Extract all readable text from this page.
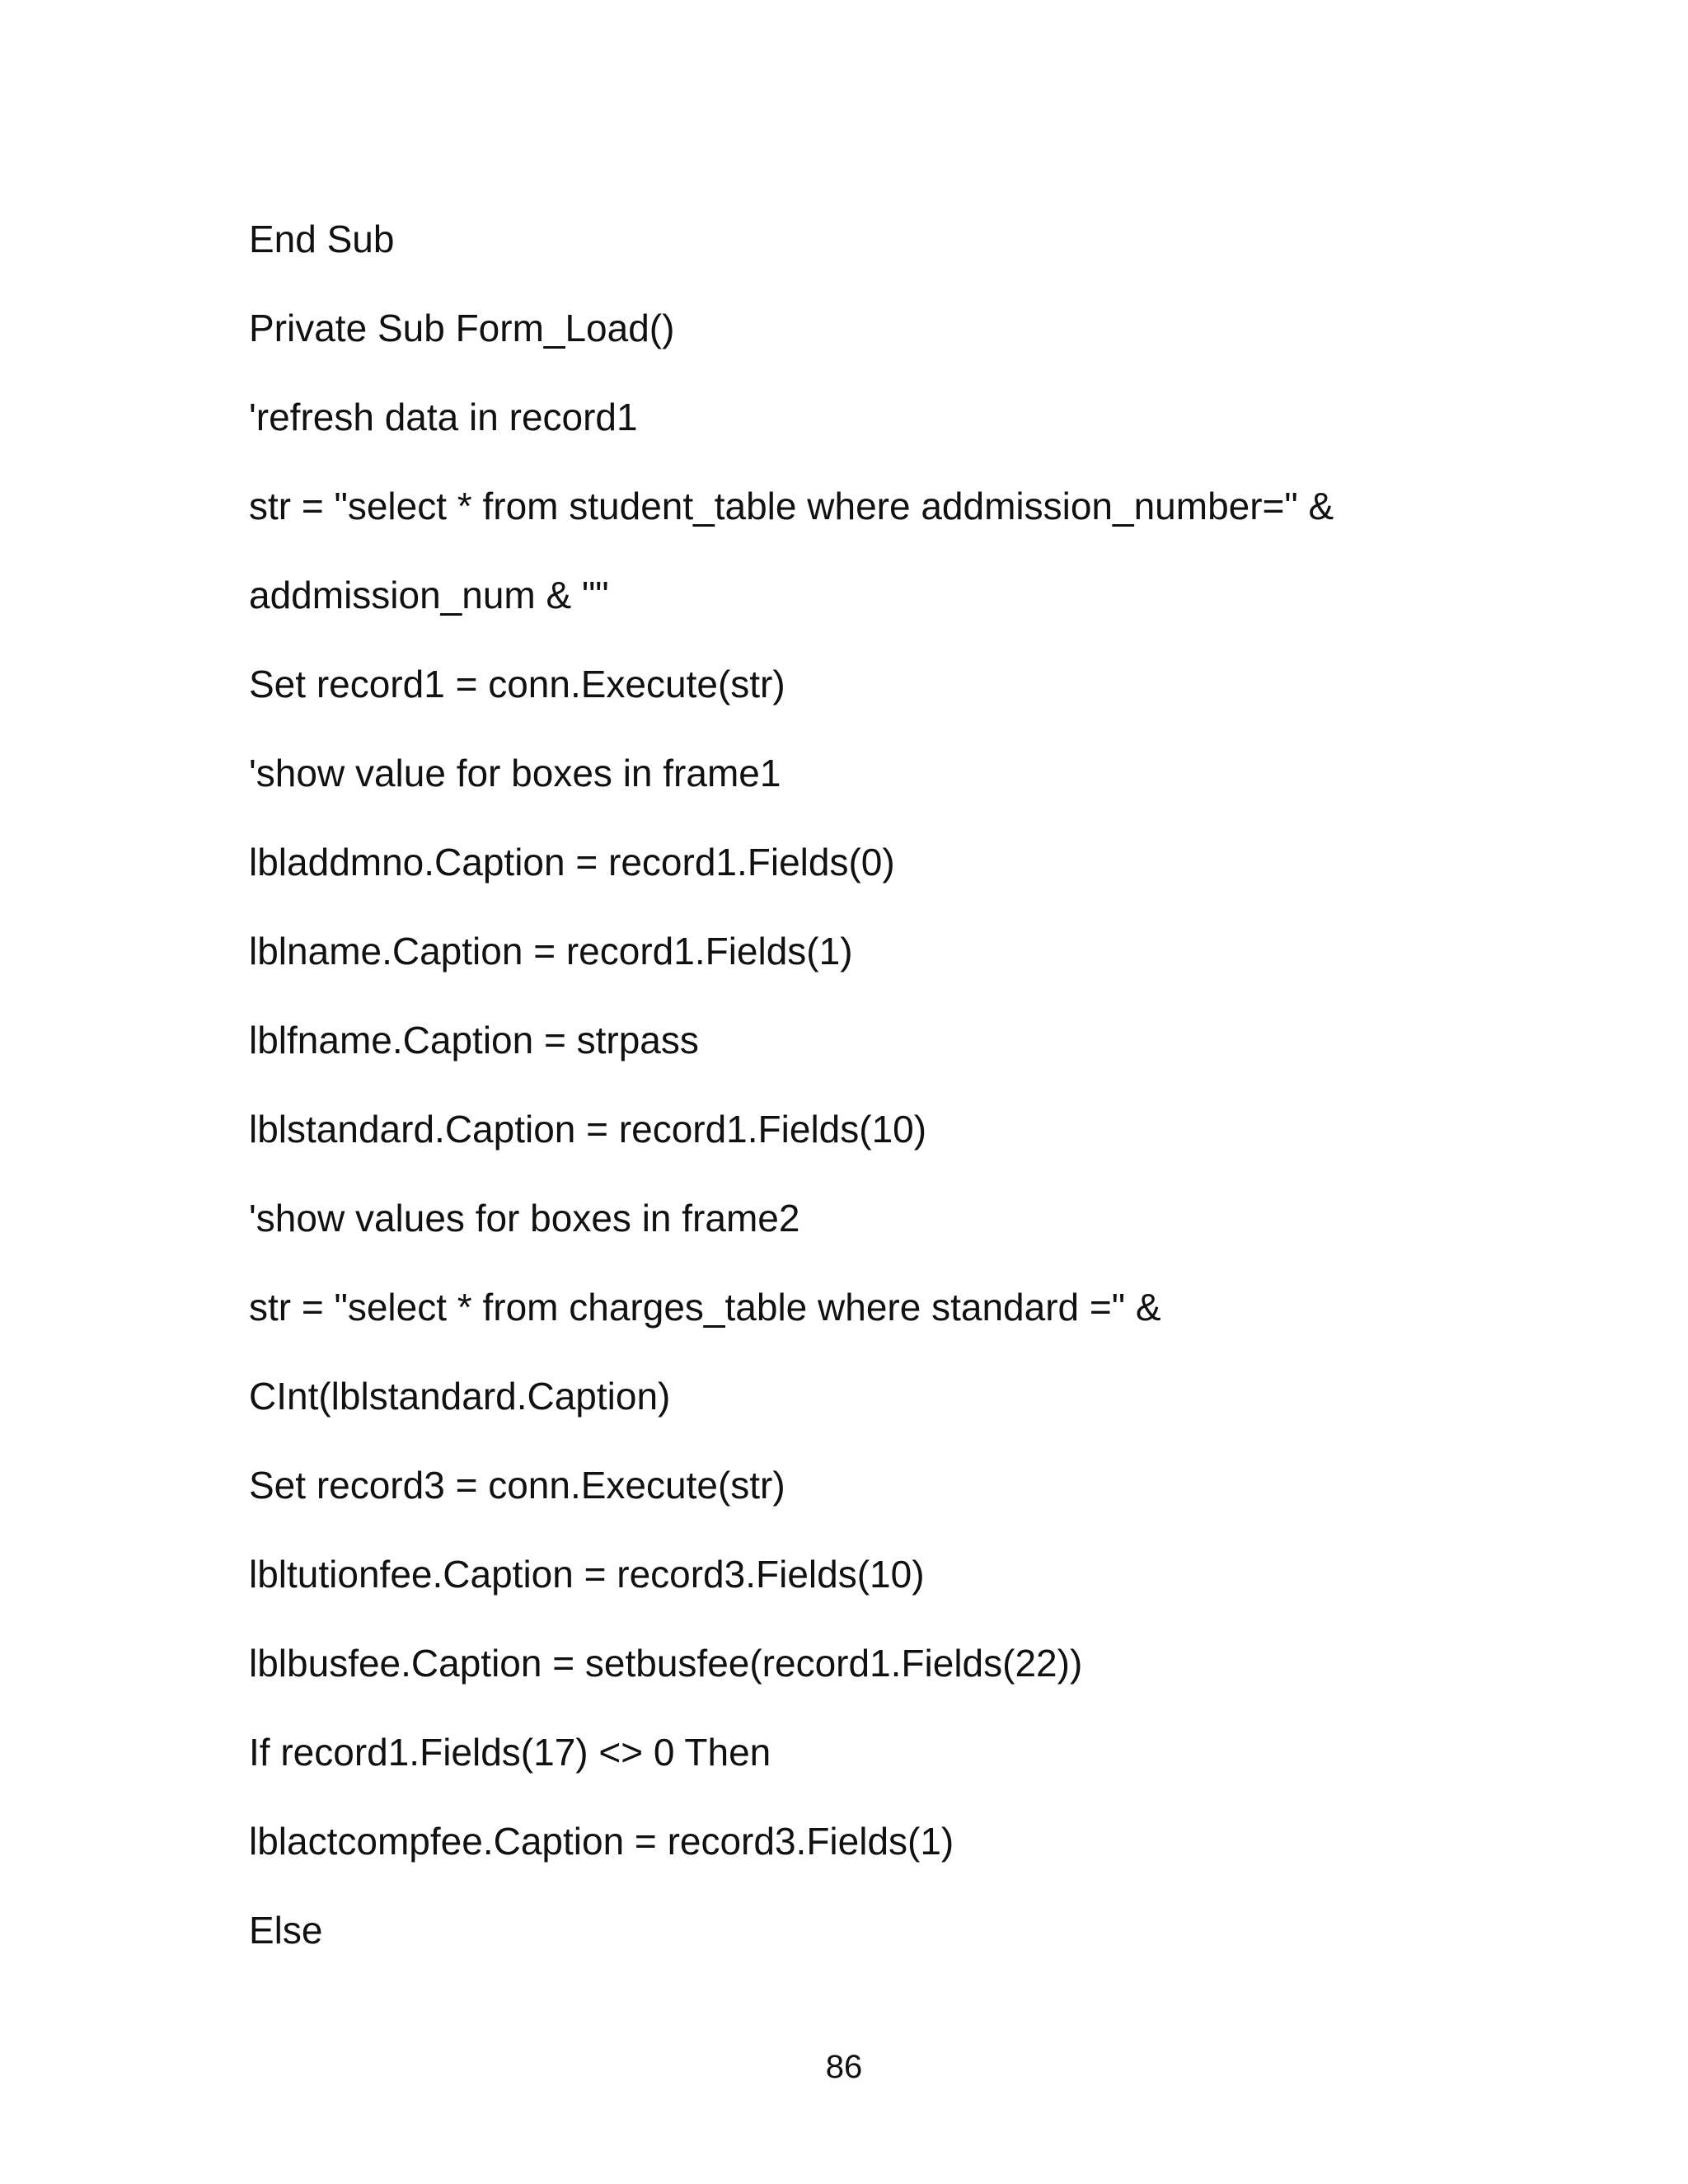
End Sub
Private Sub Form_Load()
'refresh data in record1
str = "select * from student_table where addmission_number=" &
addmission_num & ""
Set record1 = conn.Execute(str)
'show value for boxes in frame1
lbladdmno.Caption = record1.Fields(0)
lblname.Caption = record1.Fields(1)
lblfname.Caption = strpass
lblstandard.Caption = record1.Fields(10)
'show values for boxes in frame2
str = "select * from charges_table where standard =" &
CInt(lblstandard.Caption)
Set record3 = conn.Execute(str)
lbltutionfee.Caption = record3.Fields(10)
lblbusfee.Caption = setbusfee(record1.Fields(22))
If record1.Fields(17) <> 0 Then
lblactcompfee.Caption = record3.Fields(1)
Else
86
